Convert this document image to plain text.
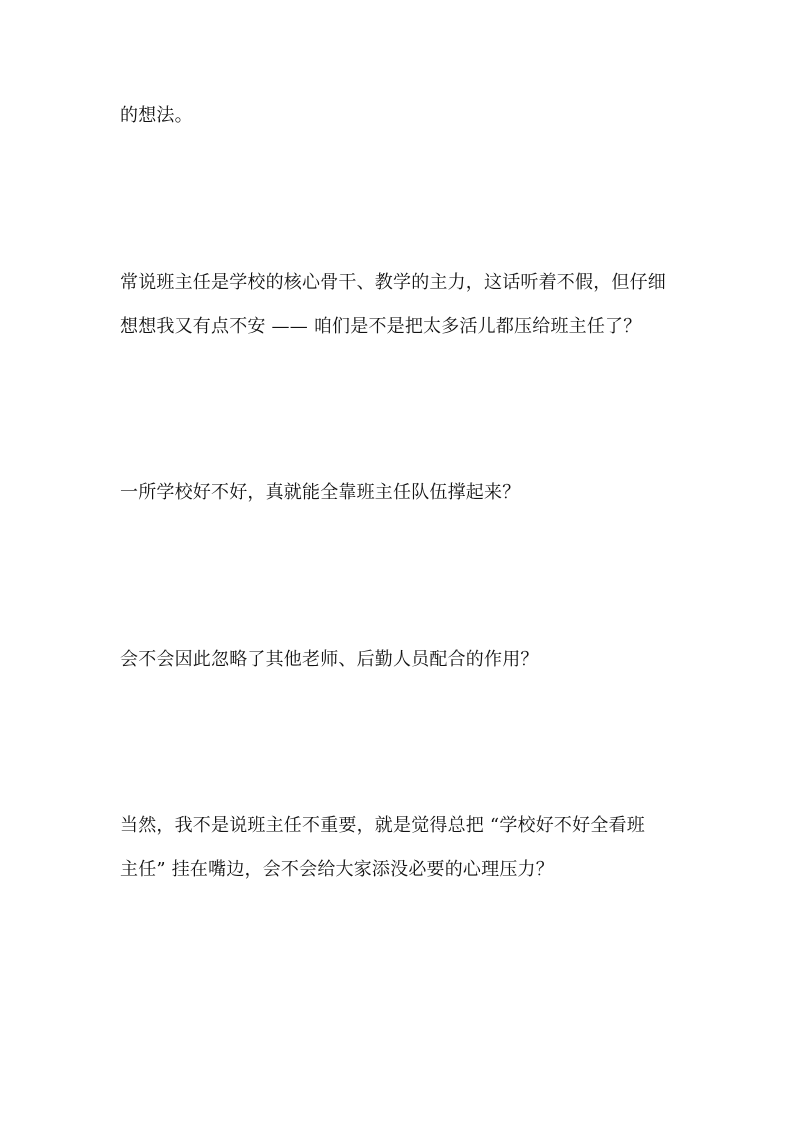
的想法。
常说班主任是学校的核心骨干、教学的主力，这话听着不假，但仔细
想想我又有点不安 —— 咱们是不是把太多活儿都压给班主任了？
一所学校好不好，真就能全靠班主任队伍撑起来？
会不会因此忽略了其他老师、后勤人员配合的作用？
当然，我不是说班主任不重要，就是觉得总把 “学校好不好全看班
主任” 挂在嘴边，会不会给大家添没必要的心理压力？
